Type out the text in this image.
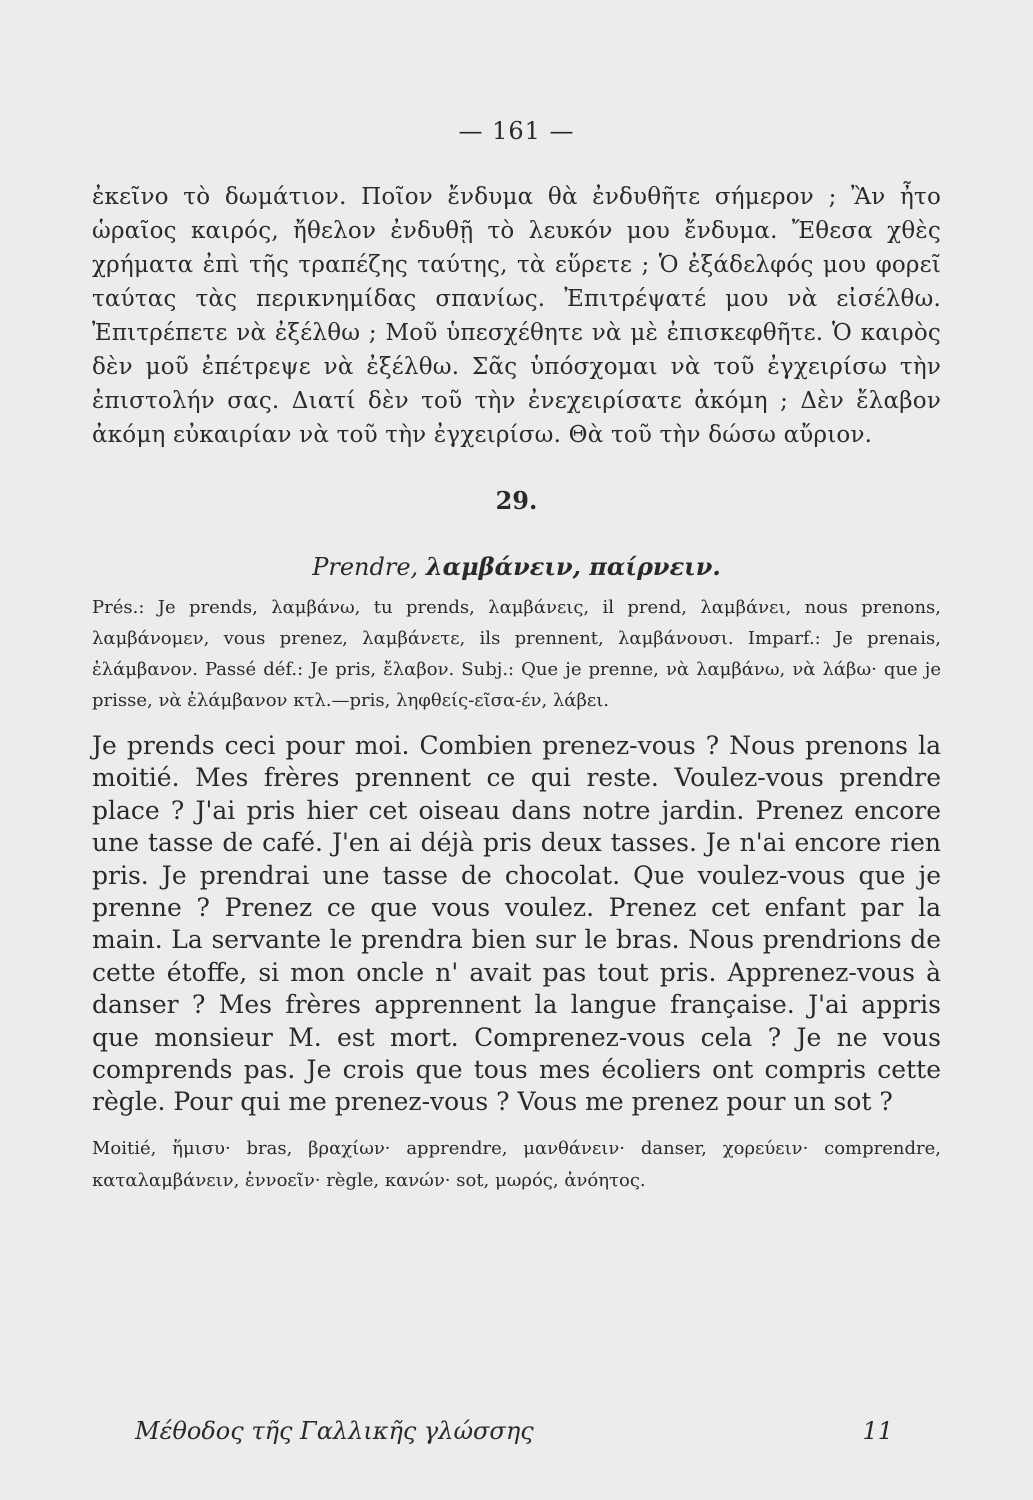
— 161 —

ἐκεῖνο τὸ δωμάτιον. Ποῖον ἔνδυμα θὰ ἐνδυθῆτε σήμερον ; Ἂν ἦτο ὡραῖος καιρός, ἤθελον ἐνδυθῇ τὸ λευκόν μου ἔνδυμα. Ἔθεσα χθὲς χρήματα ἐπὶ τῆς τραπέζης ταύτης, τὰ εὕρετε ; Ὁ ἐξάδελφός μου φορεῖ ταύτας τὰς περικνημίδας σπανίως. Ἐπιτρέψατέ μου νὰ εἰσέλθω. Ἐπιτρέπετε νὰ ἐξέλθω ; Μοῦ ὑπεσχέθητε νὰ μὲ ἐπισκεφθῆτε. Ὁ καιρὸς δὲν μοῦ ἐπέτρεψε νὰ ἐξέλθω. Σᾶς ὑπόσχομαι νὰ τοῦ ἐγχειρίσω τὴν ἐπιστολήν σας. Διατί δὲν τοῦ τὴν ἐνεχειρίσατε ἀκόμη ; Δὲν ἔλαβον ἀκόμη εὐκαιρίαν νὰ τοῦ τὴν ἐγχειρίσω. Θὰ τοῦ τὴν δώσω αὔριον.

29.
Prendre, λαμβάνειν, παίρνειν.

Prés.: Je prends, λαμβάνω, tu prends, λαμβάνεις, il prend, λαμβάνει, nous prenons, λαμβάνομεν, vous prenez, λαμβάνετε, ils prennent, λαμβάνουσι. Imparf.: Je prenais, ἐλάμβανον. Passé déf.: Je pris, ἔλαβον. Subj.: Que je prenne, νὰ λαμβάνω, νὰ λάβω· que je prisse, νὰ ἐλάμβανον κτλ.—pris, ληφθείς-εῖσα-έν, λάβει.

Je prends ceci pour moi. Combien prenez-vous ? Nous prenons la moitié. Mes frères prennent ce qui reste. Voulez-vous prendre place ? J'ai pris hier cet oiseau dans notre jardin. Prenez encore une tasse de café. J'en ai déjà pris deux tasses. Je n'ai encore rien pris. Je prendrai une tasse de chocolat. Que voulez-vous que je prenne ? Prenez ce que vous voulez. Prenez cet enfant par la main. La servante le prendra bien sur le bras. Nous prendrions de cette étoffe, si mon oncle n' avait pas tout pris. Apprenez-vous à danser ? Mes frères apprennent la langue française. J'ai appris que monsieur M. est mort. Comprenez-vous cela ? Je ne vous comprends pas. Je crois que tous mes écoliers ont compris cette règle. Pour qui me prenez-vous ? Vous me prenez pour un sot ?

Moitié, ἥμισυ· bras, βραχίων· apprendre, μανθάνειν· danser, χορεύειν· comprendre, καταλαμβάνειν, ἐννοεῖν· règle, κανών· sot, μωρός, ἀνόητος.

Μέθοδος τῆς Γαλλικῆς γλώσσης	11
